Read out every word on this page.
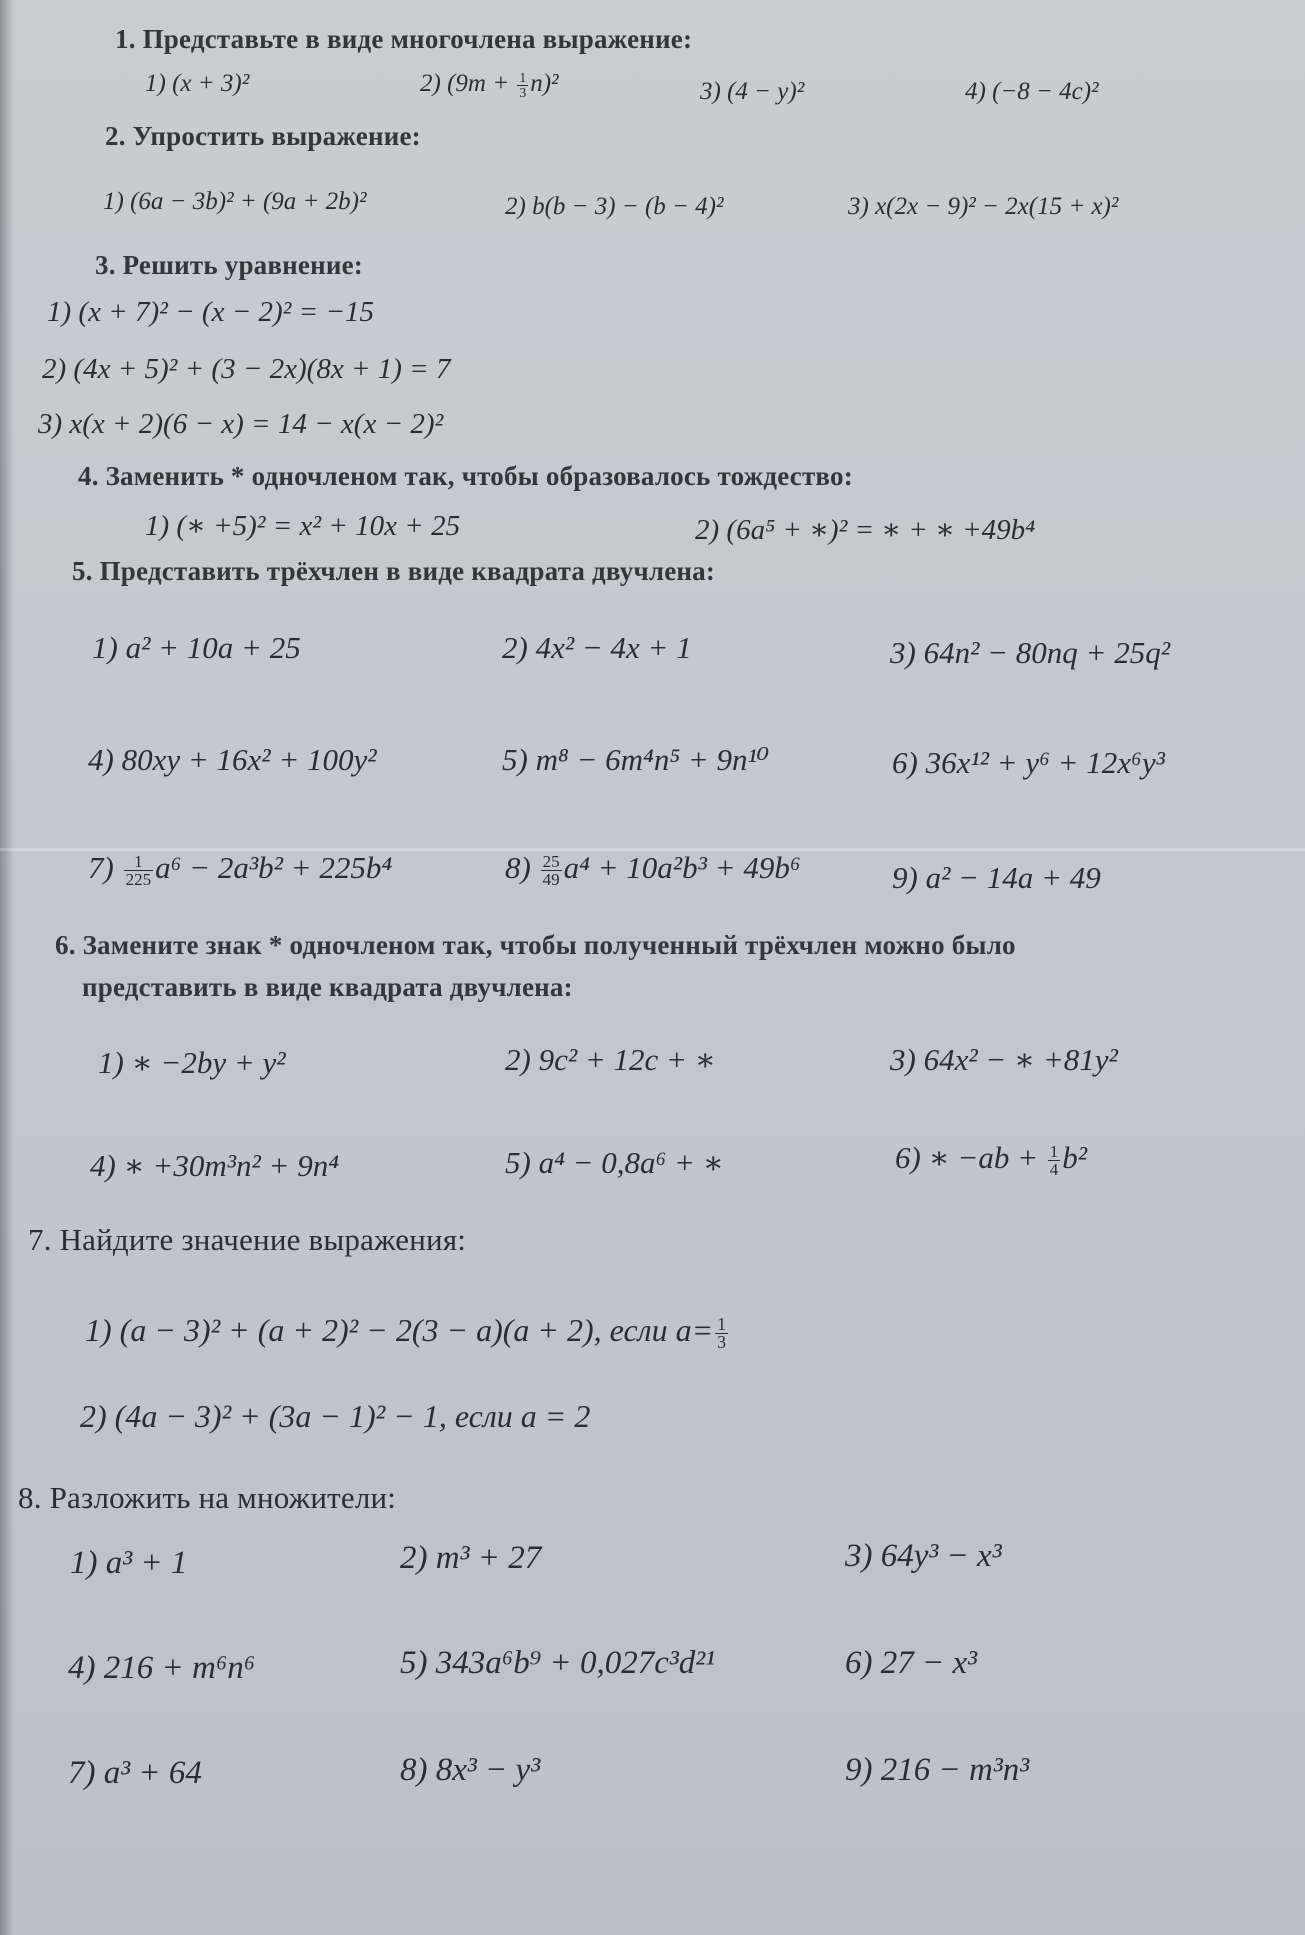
1. Представьте в виде многочлена выражение:
1) (x + 3)²	2) $(9m + \frac{1}{3} n)^2$	3) (4 − y)²	4) (−8 − 4c)²
2. Упростить выражение:
1) (6a − 3b)² + (9a + 2b)²	2) b(b − 3) − (b − 4)²	3) x(2x − 9)² − 2x(15 + x)²
3. Решить уравнение:
1) (x + 7)² − (x − 2)² = −15
2) (4x + 5)² + (3 − 2x)(8x + 1) = 7
3) x(x + 2)(6 − x) = 14 − x(x − 2)²
4. Заменить * одночленом так, чтобы образовалось тождество:
1) (∗ +5)² = x² + 10x + 25	2) (6a⁵ + ∗)² = ∗ + ∗ +49b⁴
5. Представить трёхчлен в виде квадрата двучлена:
1) a² + 10a + 25	2) 4x² − 4x + 1	3) 64n² − 80nq + 25q²
4) 80xy + 16x² + 100y²	5) m⁸ − 6m⁴n⁵ + 9n¹⁰	6) 36x¹² + y⁶ + 12x⁶y³
$7) \frac{1}{225} a^6 - 2a^3b^2 + 225b^4$	$8) \frac{25}{49} a^4 + 10a^2b^3 + 49b^6$	9) a² − 14a + 49
6. Замените знак * одночленом так, чтобы полученный трёхчлен можно было
представить в виде квадрата двучлена:
1) ∗ −2by + y²	2) 9c² + 12c + ∗	3) 64x² − ∗ +81y²
4) ∗ +30m³n² + 9n⁴	5) a⁴ − 0,8a⁶ + ∗	6) ∗ $-ab + \frac{1}{4} b^2$
7. Найдите значение выражения:
1) (a − 3)² + (a + 2)² − 2(3 − a)(a + 2), если $a= \frac{1}{3}$
2) (4a − 3)² + (3a − 1)² − 1, если a = 2
8. Разложить на множители:
1) a³ + 1	2) m³ + 27	3) 64y³ − x³
4) 216 + m⁶n⁶	5) 343a⁶b⁹ + 0,027c³d²¹	6) 27 − x³
7) a³ + 64	8) 8x³ − y³	9) 216 − m³n³
